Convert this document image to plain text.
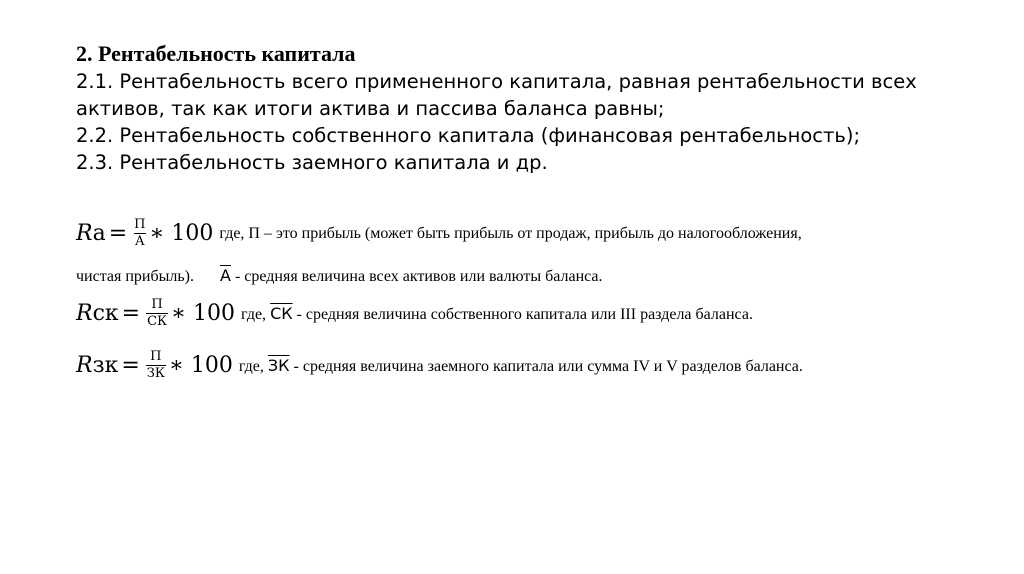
2. Рентабельность капитала
2.1. Рентабельность всего примененного капитала, равная рентабельности всех
активов, так как итоги актива и пассива баланса равны;
2.2. Рентабельность собственного капитала (финансовая рентабельность);
2.3. Рентабельность заемного капитала и др.
R $а = \frac{П}{А}$ ∗ 100 где, П – это прибыль (может быть прибыль от продаж, прибыль до налогообложения,
чистая прибыль). А - средняя величина всех активов или валюты баланса.
R ск = $\frac{П}{СК}$ ∗ 100 где, СК - средняя величина собственного капитала или III раздела баланса.
R зк = $\frac{П}{ЗК}$ ∗ 100 где, ЗК - средняя величина заемного капитала или сумма IV и V разделов баланса.
